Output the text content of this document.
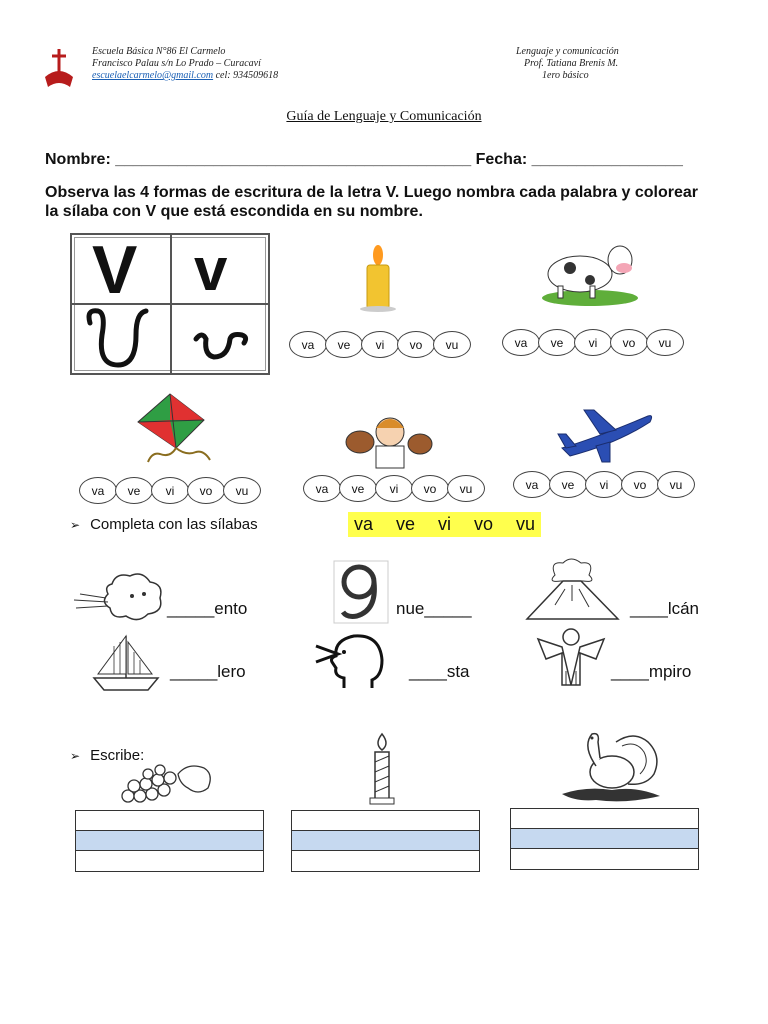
Escuela Básica N°86 El Carmelo
Francisco Palau s/n Lo Prado – Curacaví
escuelaelcarmelo@gmail.com cel: 934509618
Lenguaje y comunicación
Prof. Tatiana Brenis M.
1ero básico
Guía de Lenguaje y Comunicación
Nombre: ________________________________________ Fecha: _________________
Observa las 4 formas de escritura de la letra V. Luego nombra cada palabra y colorear la sílaba con V que está escondida en su nombre.
V v
va	ve	vi	vo	vu	va	ve	vi	vo	vu
va	ve	vi	vo	vu	va	ve	vi	vo	vu	va	ve	vi	vo	vu
➢ Completa con las sílabas	va ve vi vo vu
_____ento	nue_____	____lcán
_____lero	____sta	____mpiro
➢ Escribe:
